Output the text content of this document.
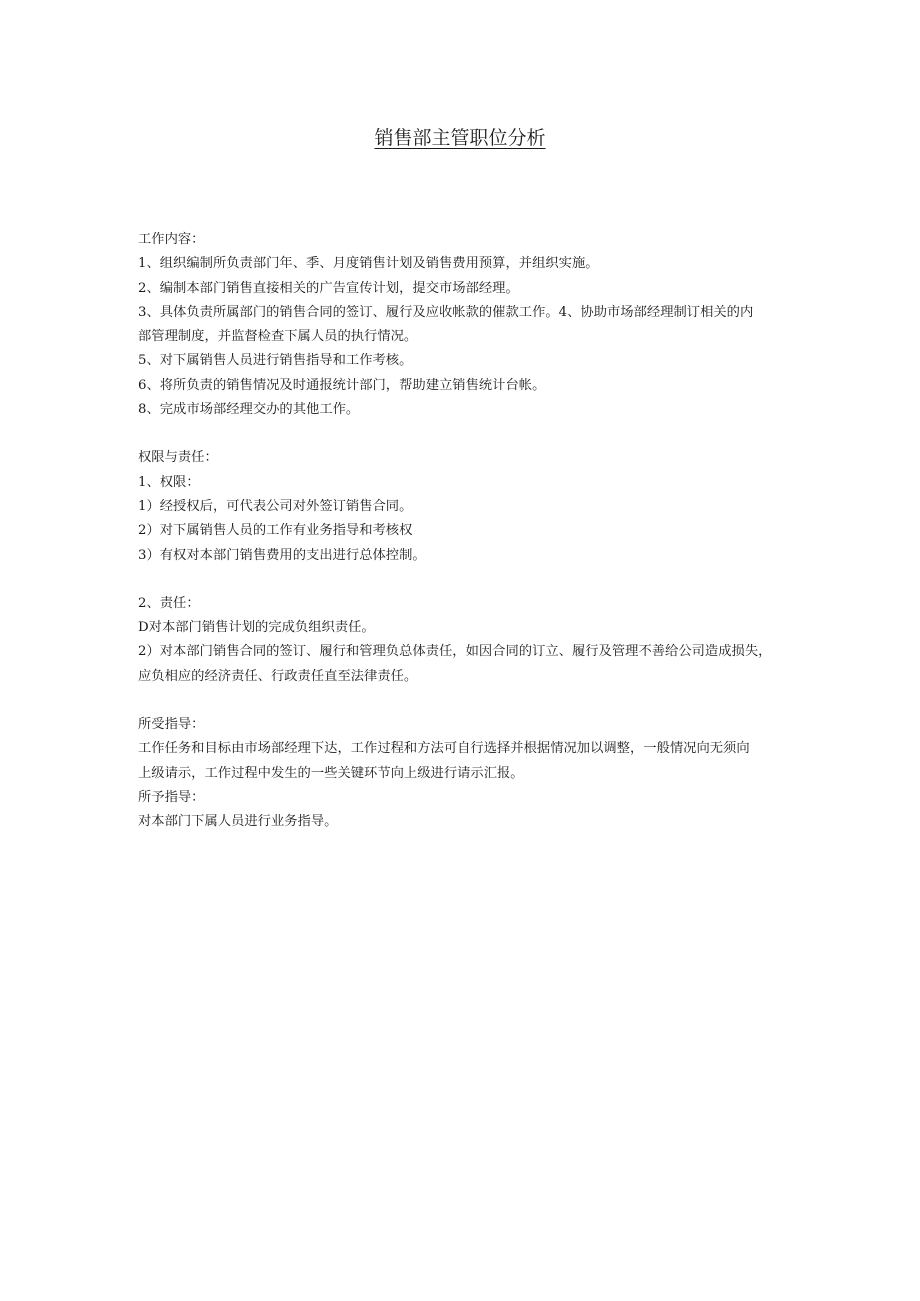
销售部主管职位分析
工作内容：
1、组织编制所负责部门年、季、月度销售计划及销售费用预算，并组织实施。
2、编制本部门销售直接相关的广告宣传计划，提交市场部经理。
3、具体负责所属部门的销售合同的签订、履行及应收帐款的催款工作。4、协助市场部经理制订相关的内
部管理制度，并监督检查下属人员的执行情况。
5、对下属销售人员进行销售指导和工作考核。
6、将所负责的销售情况及时通报统计部门，帮助建立销售统计台帐。
8、完成市场部经理交办的其他工作。
权限与责任：
1、权限：
1）经授权后，可代表公司对外签订销售合同。
2）对下属销售人员的工作有业务指导和考核权
3）有权对本部门销售费用的支出进行总体控制。
2、责任：
D对本部门销售计划的完成负组织责任。
2）对本部门销售合同的签订、履行和管理负总体责任，如因合同的订立、履行及管理不善给公司造成损失，
应负相应的经济责任、行政责任直至法律责任。
所受指导：
工作任务和目标由市场部经理下达，工作过程和方法可自行选择并根据情况加以调整，一般情况向无须向
上级请示，工作过程中发生的一些关键环节向上级进行请示汇报。
所予指导：
对本部门下属人员进行业务指导。
